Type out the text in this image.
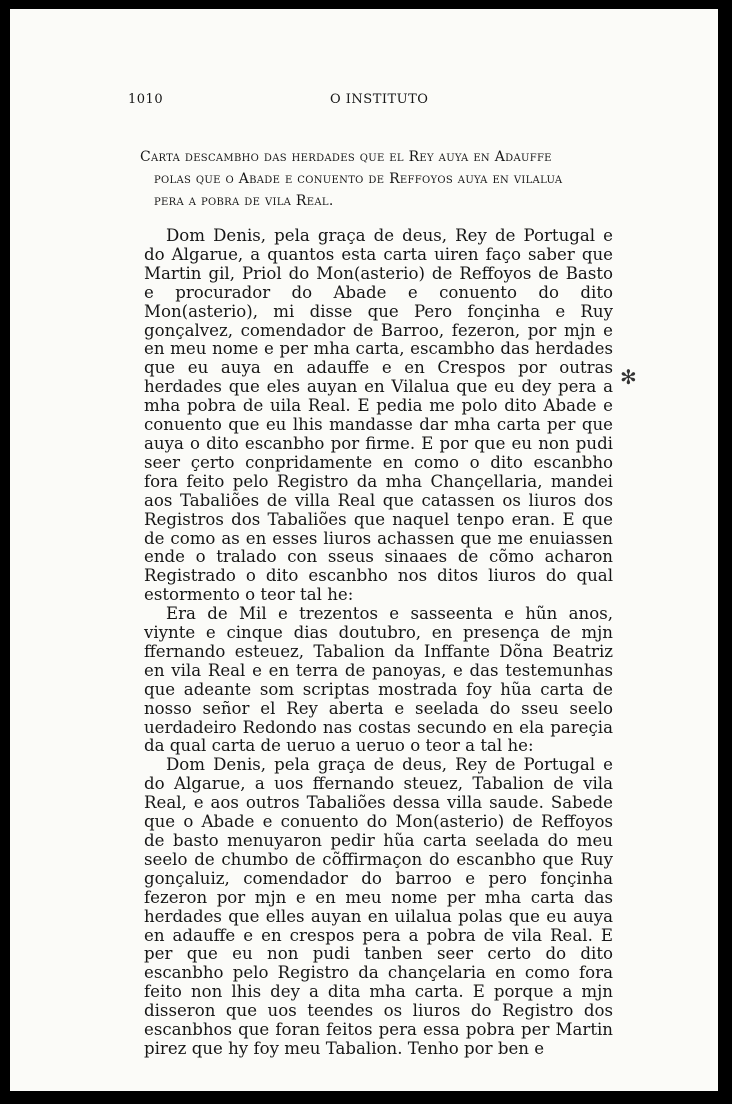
1010	O INSTITUTO
Carta descambho das herdades que el Rey auya en Adauffe
polas que o Abade e conuento de Reffoyos auya en vilalua
pera a pobra de vila Real.

Dom Denis, pela graça de deus, Rey de Portugal e do Algarue, a quantos esta carta uiren faço saber que Martin gil, Priol do Mon(asterio) de Reffoyos de Basto e procurador do Abade e conuento do dito Mon(asterio), mi disse que Pero fonçinha e Ruy gonçalvez, comendador de Barroo, fezeron, por mjn e en meu nome e per mha carta, escambho das herdades que eu auya en adauffe e en Crespos por outras herdades que eles auyan en Vilalua que eu dey pera a mha pobra de uila Real. E pedia me polo dito Abade e conuento que eu lhis mandasse dar mha carta per que auya o dito escanbho por firme. E por que eu non pudi seer çerto conpridamente en como o dito escanbho fora feito pelo Registro da mha Chançellaria, mandei aos Tabaliões de villa Real que catassen os liuros dos Registros dos Tabaliões que naquel tenpo eran. E que de como as en esses liuros achassen que me enuiassen ende o tralado con sseus sinaaes de cõmo acharon Registrado o dito escanbho nos ditos liuros do qual estormento o teor tal he:

Era de Mil e trezentos e sasseenta e hũn anos, viynte e cinque dias doutubro, en presença de mjn ffernando esteuez, Tabalion da Inffante Dõna Beatriz en vila Real e en terra de panoyas, e das testemunhas que adeante som scriptas mostrada foy hũa carta de nosso señor el Rey aberta e seelada do sseu seelo uerdadeiro Redondo nas costas secundo en ela pareçia da qual carta de ueruo a ueruo o teor a tal he:

Dom Denis, pela graça de deus, Rey de Portugal e do Algarue, a uos ffernando steuez, Tabalion de vila Real, e aos outros Tabaliões dessa villa saude. Sabede que o Abade e conuento do Mon(asterio) de Reffoyos de basto menuyaron pedir hũa carta seelada do meu seelo de chumbo de cõffirmaçon do escanbho que Ruy gonçaluiz, comendador do barroo e pero fonçinha fezeron por mjn e en meu nome per mha carta das herdades que elles auyan en uilalua polas que eu auya en adauffe e en crespos pera a pobra de vila Real. E per que eu non pudi tanben seer certo do dito escanbho pelo Registro da chançelaria en como fora feito non lhis dey a dita mha carta. E porque a mjn disseron que uos teendes os liuros do Registro dos escanbhos que foran feitos pera essa pobra per Martin pirez que hy foy meu Tabalion. Tenho por ben e

✻
